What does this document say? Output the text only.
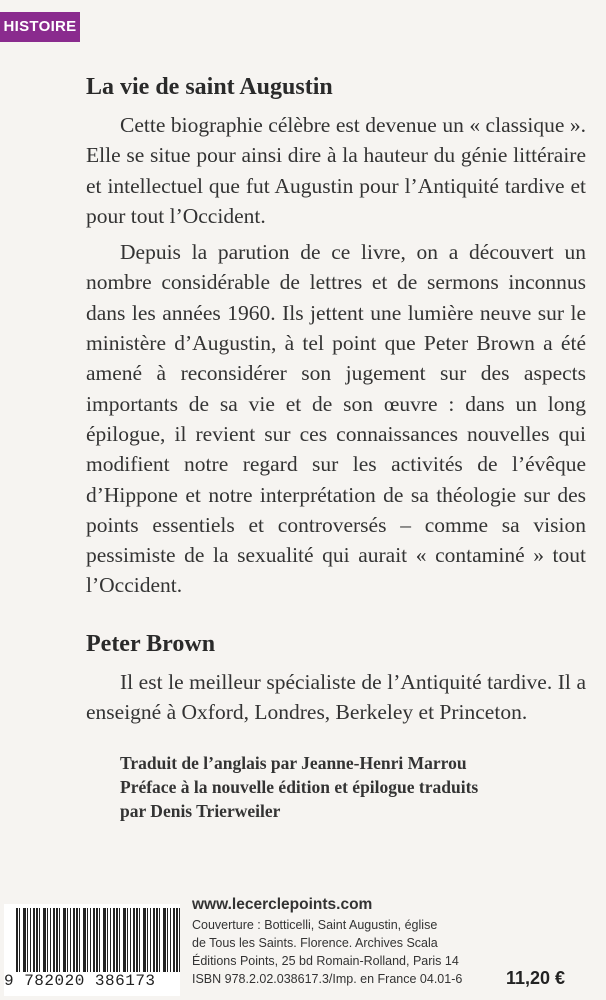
HISTOIRE
La vie de saint Augustin

Cette biographie célèbre est devenue un « classique ». Elle se situe pour ainsi dire à la hauteur du génie littéraire et intellectuel que fut Augustin pour l’Antiquité tardive et pour tout l’Occident.

Depuis la parution de ce livre, on a découvert un nombre considérable de lettres et de sermons inconnus dans les années 1960. Ils jettent une lumière neuve sur le ministère d’Augustin, à tel point que Peter Brown a été amené à reconsidérer son jugement sur des aspects importants de sa vie et de son œuvre : dans un long épilogue, il revient sur ces connaissances nouvelles qui modifient notre regard sur les activités de l’évêque d’Hippone et notre interprétation de sa théologie sur des points essentiels et controversés – comme sa vision pessimiste de la sexualité qui aurait « contaminé » tout l’Occident.

Peter Brown

Il est le meilleur spécialiste de l’Antiquité tardive. Il a enseigné à Oxford, Londres, Berkeley et Princeton.

Traduit de l’anglais par Jeanne-Henri Marrou
Préface à la nouvelle édition et épilogue traduits
par Denis Trierweiler
9 782020 386173
www.lecerclepoints.com
Couverture : Botticelli, Saint Augustin, église
de Tous les Saints. Florence. Archives Scala
Éditions Points, 25 bd Romain-Rolland, Paris 14
ISBN 978.2.02.038617.3/Imp. en France 04.01-6	11,20 €
